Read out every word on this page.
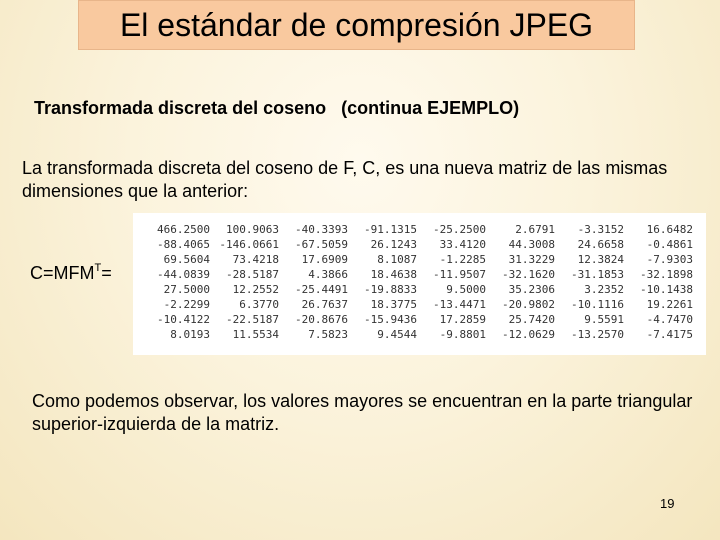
El estándar de compresión JPEG
Transformada discreta del coseno   (continua EJEMPLO)
La transformada discreta del coseno de F, C, es una nueva matriz de las mismas dimensiones que la anterior:
$C=MFM^T=$
466.2500	100.9063	-40.3393	-91.1315	-25.2500	2.6791	-3.3152	16.6482
-88.4065	-146.0661	-67.5059	26.1243	33.4120	44.3008	24.6658	-0.4861
69.5604	73.4218	17.6909	8.1087	-1.2285	31.3229	12.3824	-7.9303
-44.0839	-28.5187	4.3866	18.4638	-11.9507	-32.1620	-31.1853	-32.1898
27.5000	12.2552	-25.4491	-19.8833	9.5000	35.2306	3.2352	-10.1438
-2.2299	6.3770	26.7637	18.3775	-13.4471	-20.9802	-10.1116	19.2261
-10.4122	-22.5187	-20.8676	-15.9436	17.2859	25.7420	9.5591	-4.7470
8.0193	11.5534	7.5823	9.4544	-9.8801	-12.0629	-13.2570	-7.4175
Como podemos observar, los valores mayores se encuentran en la parte triangular superior-izquierda de la matriz.
19
